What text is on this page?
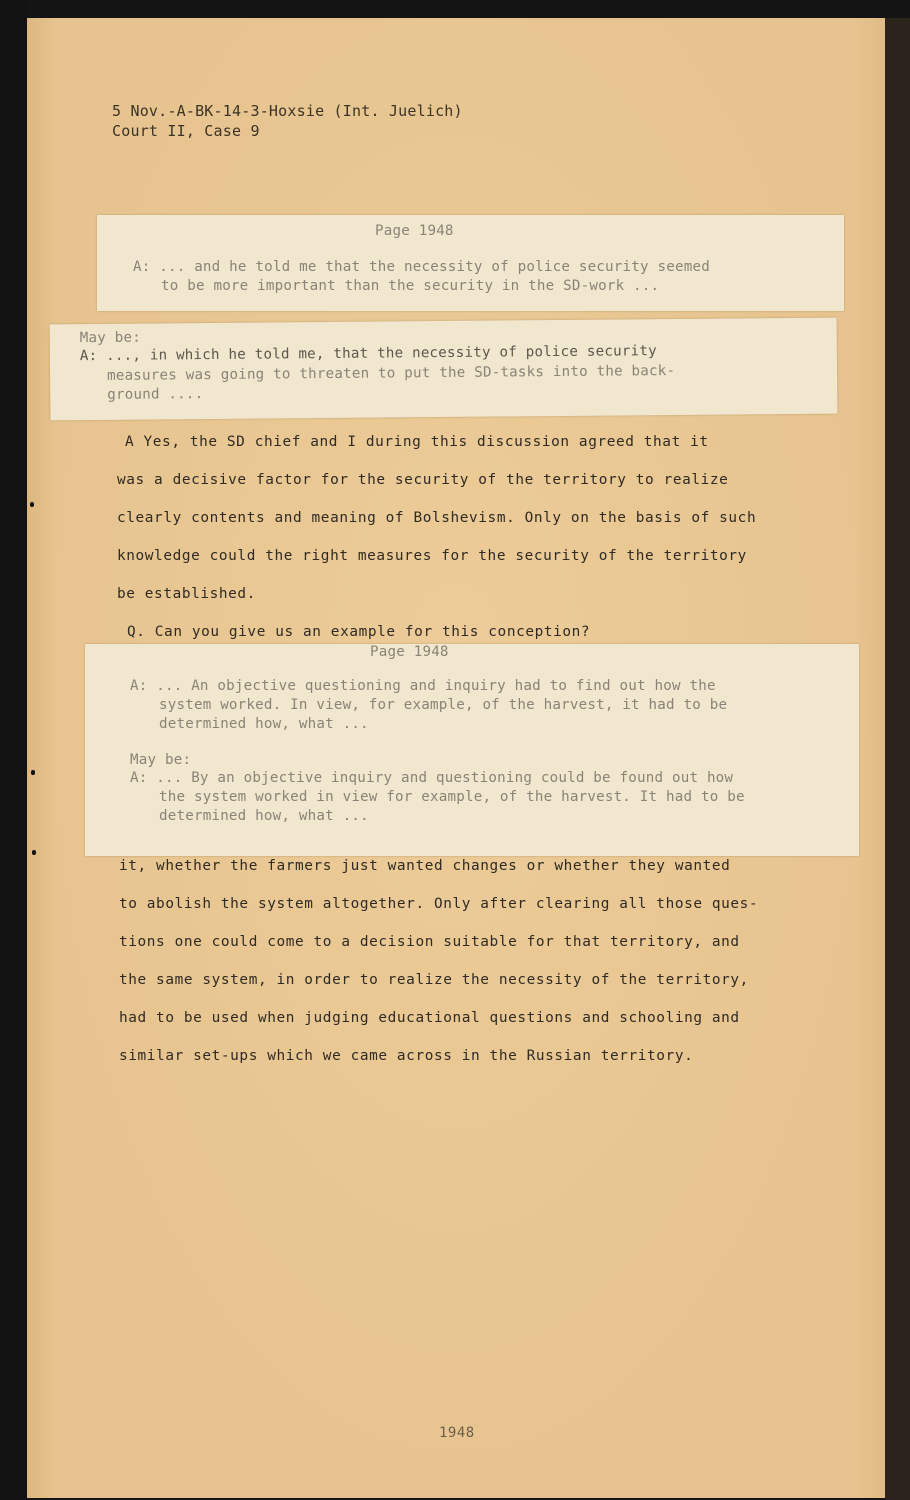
5 Nov.-A-BK-14-3-Hoxsie (Int. Juelich)
Court II, Case 9
A Yes, the SD chief and I during this discussion agreed that it
was a decisive factor for the security of the territory to realize
clearly contents and meaning of Bolshevism. Only on the basis of such
knowledge could the right measures for the security of the territory
be established.
Q. Can you give us an example for this conception?
it, whether the farmers just wanted changes or whether they wanted
to abolish the system altogether. Only after clearing all those ques-
tions one could come to a decision suitable for that territory, and
the same system, in order to realize the necessity of the territory,
had to be used when judging educational questions and schooling and
similar set-ups which we came across in the Russian territory.
Page 1948
A: ... and he told me that the necessity of police security seemed
to be more important than the security in the SD-work ...
May be:
A: ..., in which he told me, that the necessity of police security
measures was going to threaten to put the SD-tasks into the back-
ground ....
Page 1948
A: ... An objective questioning and inquiry had to find out how the
system worked. In view, for example, of the harvest, it had to be
determined how, what ...
May be:
A: ... By an objective inquiry and questioning could be found out how
the system worked in view for example, of the harvest. It had to be
determined how, what ...
1948
